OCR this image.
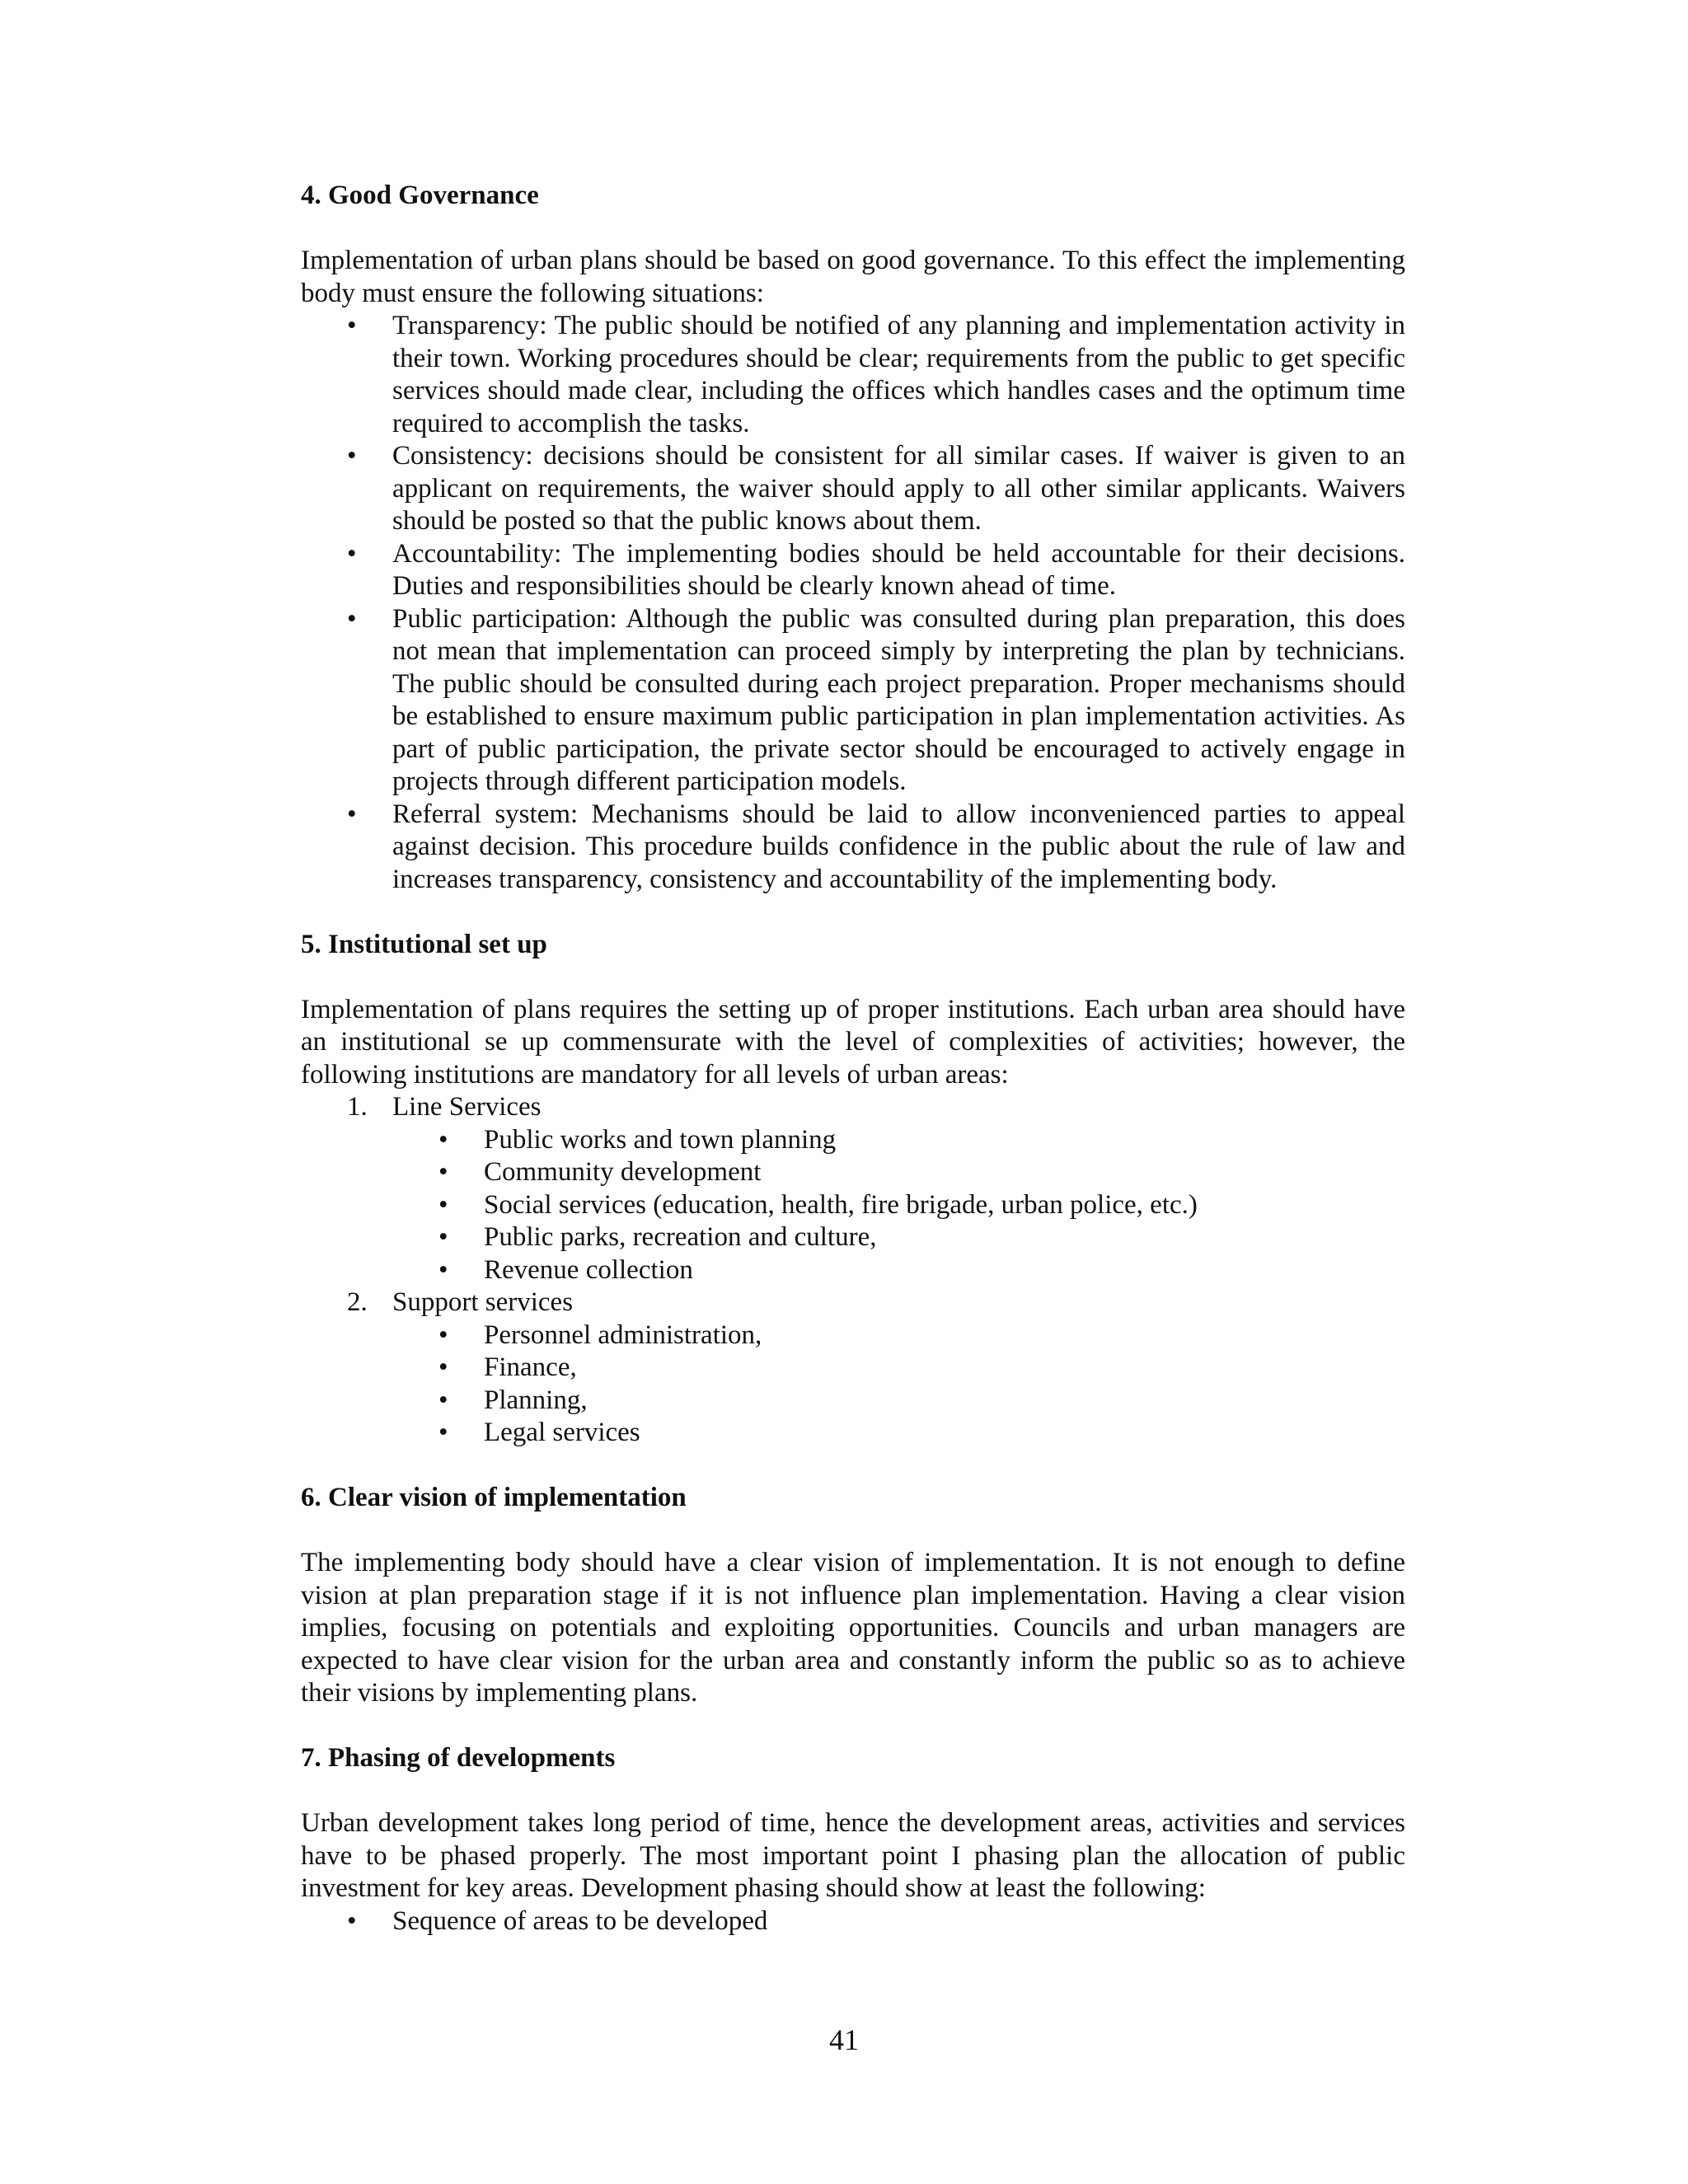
4. Good Governance

Implementation of urban plans should be based on good governance. To this effect the implementing body must ensure the following situations:

• Transparency: The public should be notified of any planning and implementation activity in their town. Working procedures should be clear; requirements from the public to get specific services should made clear, including the offices which handles cases and the optimum time required to accomplish the tasks.
• Consistency: decisions should be consistent for all similar cases. If waiver is given to an applicant on requirements, the waiver should apply to all other similar applicants. Waivers should be posted so that the public knows about them.
• Accountability: The implementing bodies should be held accountable for their decisions. Duties and responsibilities should be clearly known ahead of time.
• Public participation: Although the public was consulted during plan preparation, this does not mean that implementation can proceed simply by interpreting the plan by technicians. The public should be consulted during each project preparation. Proper mechanisms should be established to ensure maximum public participation in plan implementation activities. As part of public participation, the private sector should be encouraged to actively engage in projects through different participation models.
• Referral system: Mechanisms should be laid to allow inconvenienced parties to appeal against decision. This procedure builds confidence in the public about the rule of law and increases transparency, consistency and accountability of the implementing body.
5. Institutional set up

Implementation of plans requires the setting up of proper institutions. Each urban area should have an institutional se up commensurate with the level of complexities of activities; however, the following institutions are mandatory for all levels of urban areas:

1. Line Services
• Public works and town planning
• Community development
• Social services (education, health, fire brigade, urban police, etc.)
• Public parks, recreation and culture,
• Revenue collection
2. Support services
• Personnel administration,
• Finance,
• Planning,
• Legal services
6. Clear vision of implementation

The implementing body should have a clear vision of implementation. It is not enough to define vision at plan preparation stage if it is not influence plan implementation. Having a clear vision implies, focusing on potentials and exploiting opportunities. Councils and urban managers are expected to have clear vision for the urban area and constantly inform the public so as to achieve their visions by implementing plans.

7. Phasing of developments

Urban development takes long period of time, hence the development areas, activities and services have to be phased properly. The most important point I phasing plan the allocation of public investment for key areas. Development phasing should show at least the following:

• Sequence of areas to be developed
41
